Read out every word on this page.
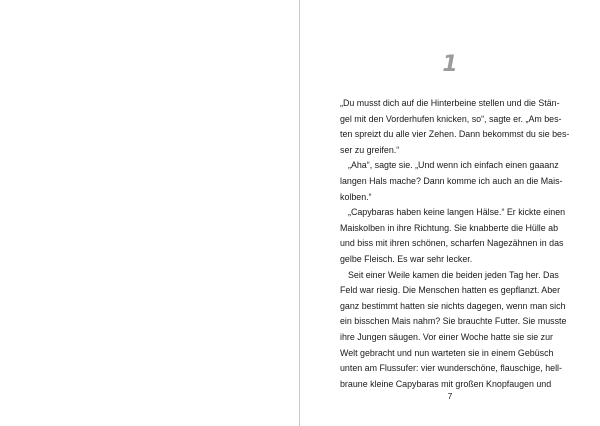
1
„Du musst dich auf die Hinterbeine stellen und die Stän-
gel mit den Vorderhufen knicken, so“, sagte er. „Am bes-
ten spreizt du alle vier Zehen. Dann bekommst du sie bes-
ser zu greifen.“
„Aha“, sagte sie. „Und wenn ich einfach einen gaaanz
langen Hals mache? Dann komme ich auch an die Mais-
kolben.“
„Capybaras haben keine langen Hälse.“ Er kickte einen
Maiskolben in ihre Richtung. Sie knabberte die Hülle ab
und biss mit ihren schönen, scharfen Nagezähnen in das
gelbe Fleisch. Es war sehr lecker.
Seit einer Weile kamen die beiden jeden Tag her. Das
Feld war riesig. Die Menschen hatten es gepflanzt. Aber
ganz bestimmt hatten sie nichts dagegen, wenn man sich
ein bisschen Mais nahm? Sie brauchte Futter. Sie musste
ihre Jungen säugen. Vor einer Woche hatte sie sie zur
Welt gebracht und nun warteten sie in einem Gebüsch
unten am Flussufer: vier wunderschöne, flauschige, hell-
braune kleine Capybaras mit großen Knopfaugen und
7
